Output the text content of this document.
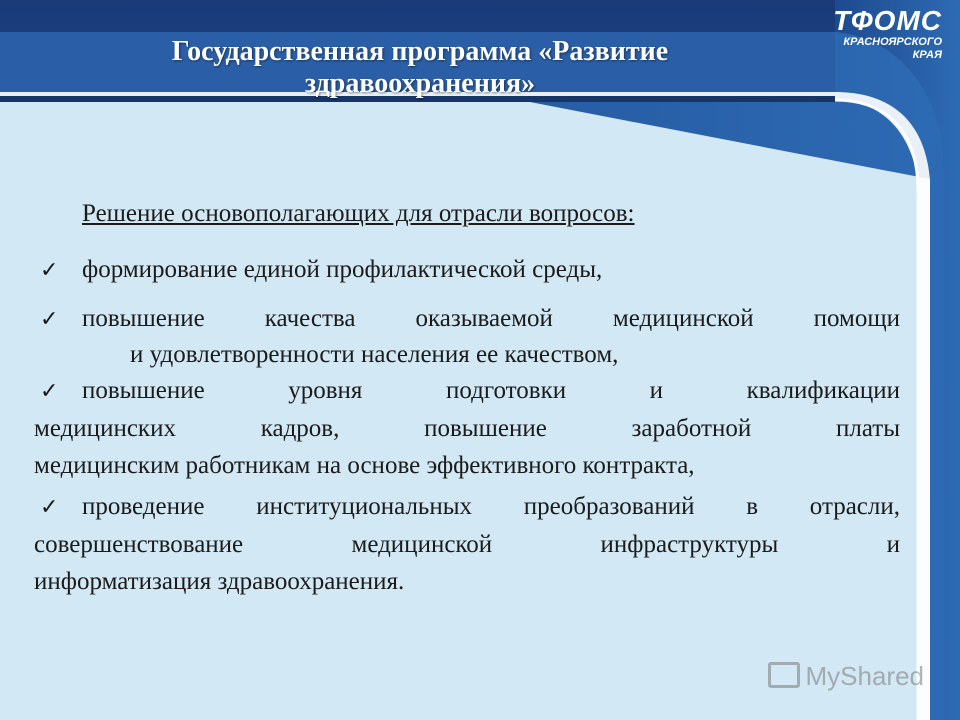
Государственная программа «Развитие
здравоохранения»
ТФОМС
КРАСНОЯРСКОГО
КРАЯ
Решение основополагающих для отрасли вопросов:
✓ формирование единой профилактической среды,
✓ повышение качества оказываемой медицинской помощи
и удовлетворенности населения ее качеством,
✓ повышение уровня подготовки и квалификации
медицинских кадров, повышение заработной платы
медицинским работникам на основе эффективного контракта,
✓ проведение институциональных преобразований в отрасли,
совершенствование медицинской инфраструктуры и
информатизация здравоохранения.
MyShared
